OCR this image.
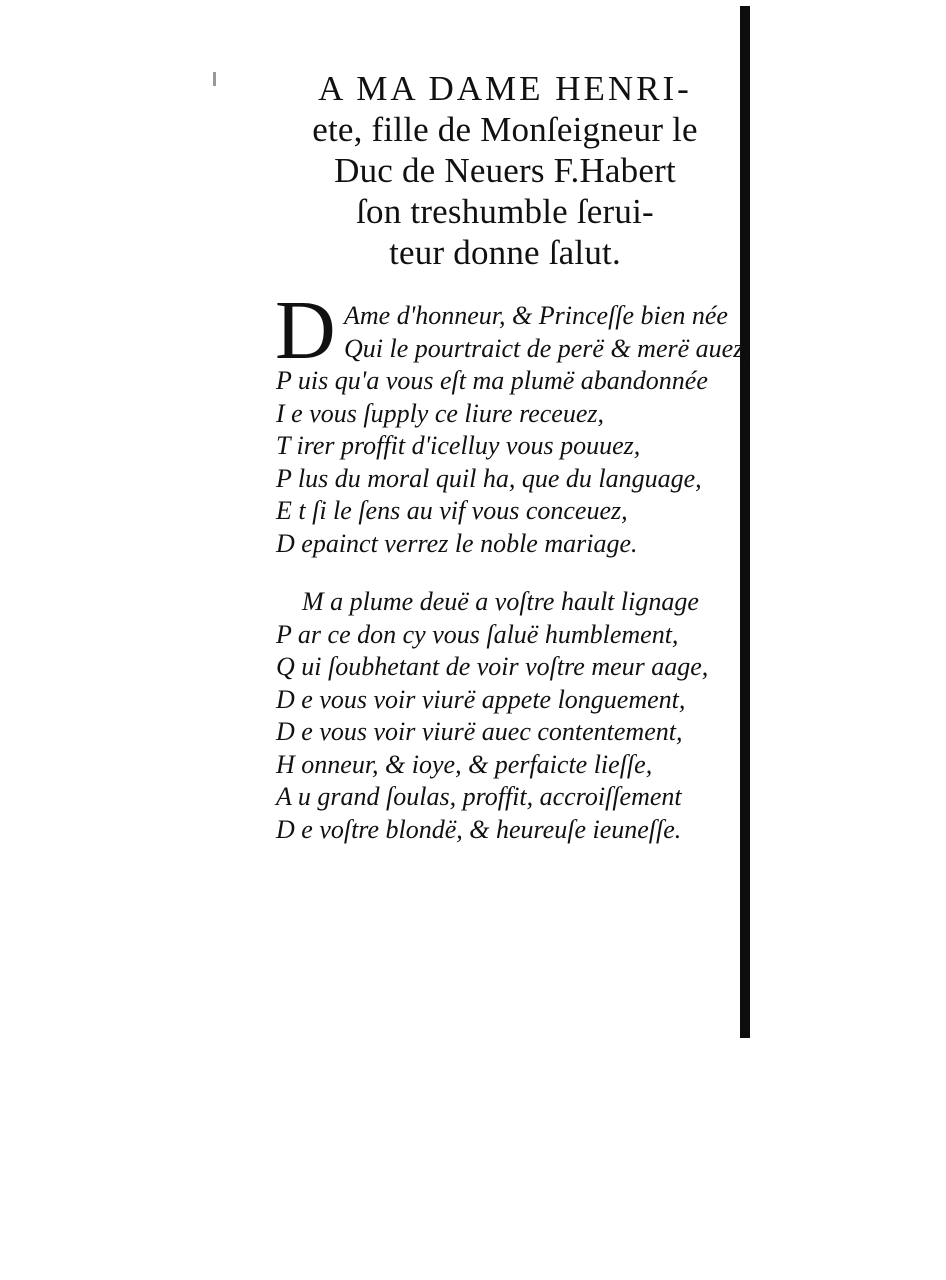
A MA DAME HENRI-
ete, fille de Monſeigneur le
Duc de Neuers F.Habert
ſon treshumble ſerui-
teur donne ſalut.
D Ame d'honneur, & Princeſſe bien née
Qui le pourtraict de perë & merë auez,
P uis qu'a vous eſt ma plumë abandonnée
I e vous ſupply ce liure receuez,
T irer proffit d'icelluy vous pouuez,
P lus du moral quil ha, que du language,
E t ſi le ſens au vif vous conceuez,
D epainct verrez le noble mariage.
M a plume deuë a voſtre hault lignage
P ar ce don cy vous ſaluë humblement,
Q ui ſoubhetant de voir voſtre meur aage,
D e vous voir viurë appete longuement,
D e vous voir viurë auec contentement,
H onneur, & ioye, & perfaicte lieſſe,
A u grand ſoulas, proffit, accroiſſement
D e voſtre blondë, & heureuſe ieuneſſe.
